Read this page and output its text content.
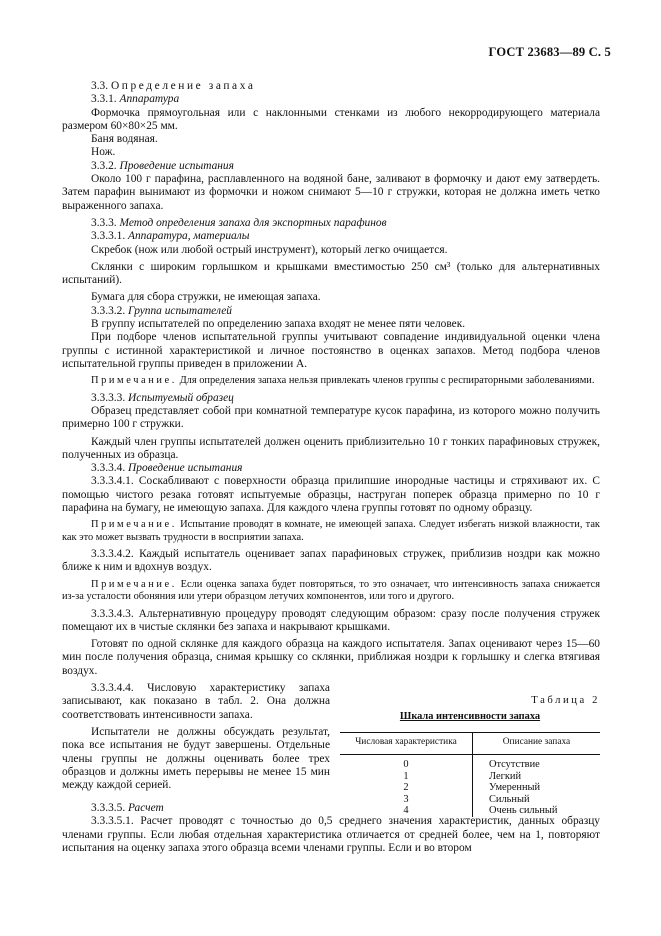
ГОСТ 23683—89 С. 5

3.3. Определение запаха

3.3.1. Аппаратура

Формочка прямоугольная или с наклонными стенками из любого некорродирующего материала размером 60×80×25 мм.

Баня водяная.

Нож.

3.3.2. Проведение испытания

Около 100 г парафина, расплавленного на водяной бане, заливают в формочку и дают ему затвердеть. Затем парафин вынимают из формочки и ножом снимают 5—10 г стружки, которая не должна иметь четко выраженного запаха.

3.3.3. Метод определения запаха для экспортных парафинов

3.3.3.1. Аппаратура, материалы

Скребок (нож или любой острый инструмент), который легко очищается.

Склянки с широким горлышком и крышками вместимостью 250 см³ (только для альтернативных испытаний).

Бумага для сбора стружки, не имеющая запаха.

3.3.3.2. Группа испытателей

В группу испытателей по определению запаха входят не менее пяти человек.

При подборе членов испытательной группы учитывают совпадение индивидуальной оценки члена группы с истинной характеристикой и личное постоянство в оценках запахов. Метод подбора членов испытательной группы приведен в приложении А.

Примечание. Для определения запаха нельзя привлекать членов группы с респираторными заболеваниями.

3.3.3.3. Испытуемый образец

Образец представляет собой при комнатной температуре кусок парафина, из которого можно получить примерно 100 г стружки.

Каждый член группы испытателей должен оценить приблизительно 10 г тонких парафиновых стружек, полученных из образца.

3.3.3.4. Проведение испытания

3.3.3.4.1. Соскабливают с поверхности образца прилипшие инородные частицы и стряхивают их. С помощью чистого резака готовят испытуемые образцы, наструган поперек образца примерно по 10 г парафина на бумагу, не имеющую запаха. Для каждого члена группы готовят по одному образцу.

Примечание. Испытание проводят в комнате, не имеющей запаха. Следует избегать низкой влажности, так как это может вызвать трудности в восприятии запаха.

3.3.3.4.2. Каждый испытатель оценивает запах парафиновых стружек, приблизив ноздри как можно ближе к ним и вдохнув воздух.

Примечание. Если оценка запаха будет повторяться, то это означает, что интенсивность запаха снижается из-за усталости обоняния или утери образцом летучих компонентов, или того и другого.

3.3.3.4.3. Альтернативную процедуру проводят следующим образом: сразу после получения стружек помещают их в чистые склянки без запаха и накрывают крышками.

Готовят по одной склянке для каждого образца на каждого испытателя. Запах оценивают через 15—60 мин после получения образца, снимая крышку со склянки, приближая ноздри к горлышку и слегка втягивая воздух.

3.3.3.4.4. Числовую характеристику запаха записывают, как показано в табл. 2. Она должна соответствовать интенсивности запаха.

Испытатели не должны обсуждать результат, пока все испытания не будут завершены. Отдельные члены группы не должны оценивать более трех образцов и должны иметь перерывы не менее 15 мин между каждой серией.

Таблица 2
Шкала интенсивности запаха
Числовая характеристика	Описание запаха
0	Отсутствие
1	Легкий
2	Умеренный
3	Сильный
4	Очень сильный

3.3.3.5. Расчет

3.3.3.5.1. Расчет проводят с точностью до 0,5 среднего значения характеристик, данных образцу членами группы. Если любая отдельная характеристика отличается от средней более, чем на 1, повторяют испытания на оценку запаха этого образца всеми членами группы. Если и во втором
